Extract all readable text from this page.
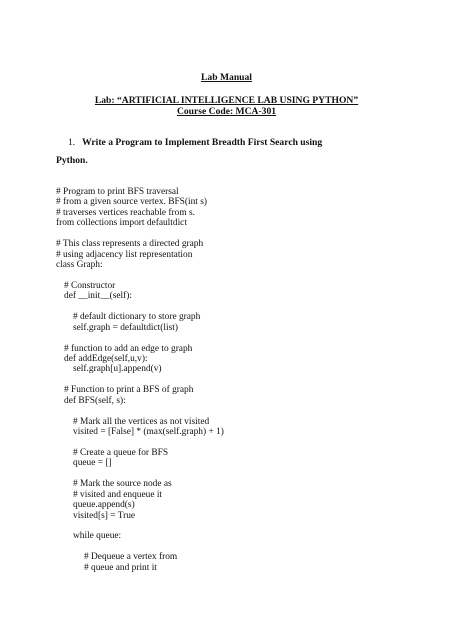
Lab Manual
Lab: “ARTIFICIAL INTELLIGENCE LAB USING PYTHON”
Course Code: MCA-301
1. Write a Program to Implement Breadth First Search using
Python.
# Program to print BFS traversal
# from a given source vertex. BFS(int s)
# traverses vertices reachable from s.
from collections import defaultdict
# This class represents a directed graph
# using adjacency list representation
class Graph:
# Constructor
def __init__(self):
# default dictionary to store graph
self.graph = defaultdict(list)
# function to add an edge to graph
def addEdge(self,u,v):
self.graph[u].append(v)
# Function to print a BFS of graph
def BFS(self, s):
# Mark all the vertices as not visited
visited = [False] * (max(self.graph) + 1)
# Create a queue for BFS
queue = []
# Mark the source node as
# visited and enqueue it
queue.append(s)
visited[s] = True
while queue:
# Dequeue a vertex from
# queue and print it
